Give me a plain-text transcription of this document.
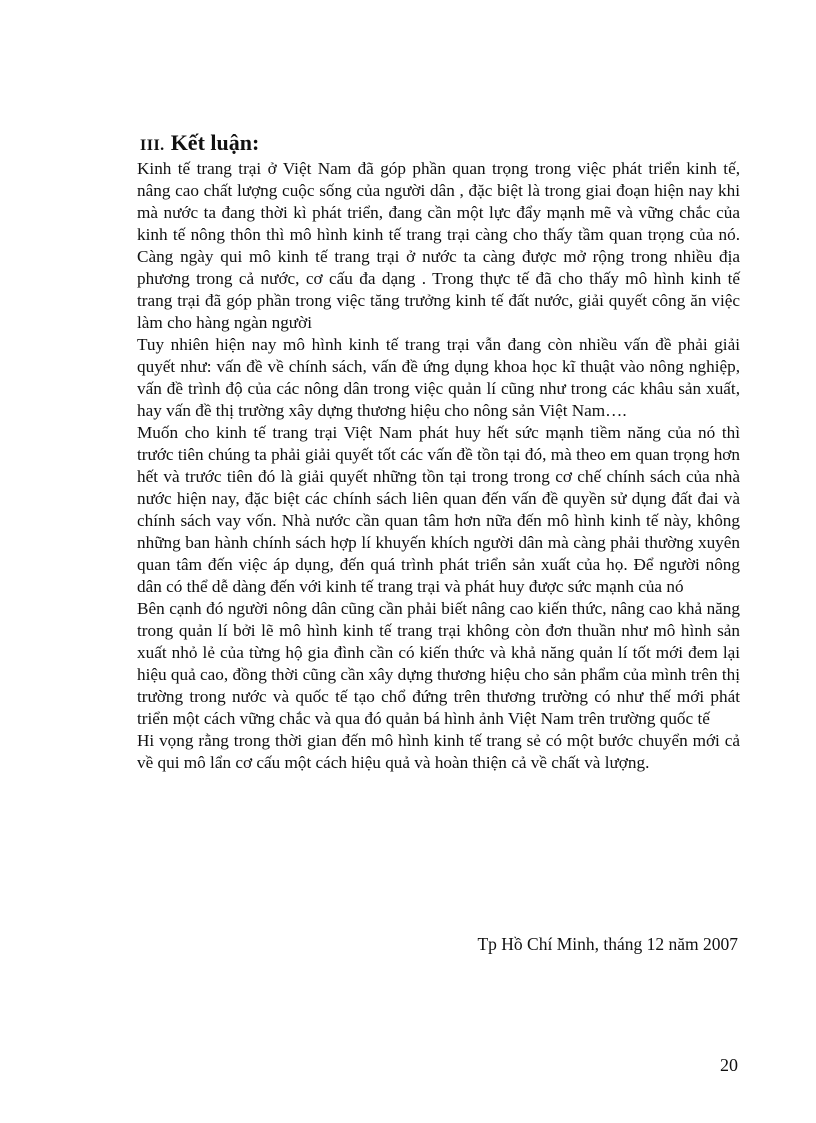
III. Kết luận:

Kinh tế trang trại ở Việt Nam đã góp phần quan trọng trong việc phát triển kinh tế, nâng cao chất lượng cuộc sống của người dân , đặc biệt là trong giai đoạn hiện nay khi mà nước ta đang thời kì phát triển, đang cần một lực đẩy mạnh mẽ và vững chắc của kinh tế nông thôn thì mô hình kinh tế trang trại càng cho thấy tầm quan trọng của nó. Càng ngày qui mô kinh tế trang trại ở nước ta càng được mở rộng trong nhiều địa phương trong cả nước, cơ cấu đa dạng . Trong thực tế đã cho thấy mô hình kinh tế trang trại đã góp phần trong việc tăng trưởng kinh tế đất nước, giải quyết công ăn việc làm cho hàng ngàn người

Tuy nhiên hiện nay mô hình kinh tế trang trại vẫn đang còn nhiều vấn đề phải giải quyết như: vấn đề về chính sách, vấn đề ứng dụng khoa học kĩ thuật vào nông nghiệp, vấn đề trình độ của các nông dân trong việc quản lí cũng như trong các khâu sản xuất, hay vấn đề thị trường xây dựng thương hiệu cho nông sản Việt Nam….

Muốn cho kinh tế trang trại Việt Nam phát huy hết sức mạnh tiềm năng của nó thì trước tiên chúng ta phải giải quyết tốt các vấn đề tồn tại đó, mà theo em quan trọng hơn hết và trước tiên đó là giải quyết những tồn tại trong trong cơ chế chính sách của nhà nước hiện nay, đặc biệt các chính sách liên quan đến vấn đề quyền sử dụng đất đai và chính sách vay vốn. Nhà nước cần quan tâm hơn nữa đến mô hình kinh tế này, không những ban hành chính sách hợp lí khuyến khích người dân mà càng phải thường xuyên quan tâm đến việc áp dụng, đến quá trình phát triển sản xuất của họ. Để người nông dân có thể dễ dàng đến với kinh tế trang trại và phát huy được sức mạnh của nó

Bên cạnh đó người nông dân cũng cần phải biết nâng cao kiến thức, nâng cao khả năng trong quản lí bởi lẽ mô hình kinh tế trang trại không còn đơn thuần như mô hình sản xuất nhỏ lẻ của từng hộ gia đình cần có kiến thức và khả năng quản lí tốt mới đem lại hiệu quả cao, đồng thời cũng cần xây dựng thương hiệu cho sản phẩm của mình trên thị trường trong nước và quốc tế tạo chổ đứng trên thương trường có như thế mới phát triển một cách vững chắc và qua đó quản bá hình ảnh Việt Nam trên trường quốc tế

Hi vọng rằng trong thời gian đến mô hình kinh tế trang sẻ có một bước chuyển mới cả về qui mô lẩn cơ cấu một cách hiệu quả và hoàn thiện cả về chất và lượng.

Tp Hồ Chí Minh, tháng 12 năm 2007
20
